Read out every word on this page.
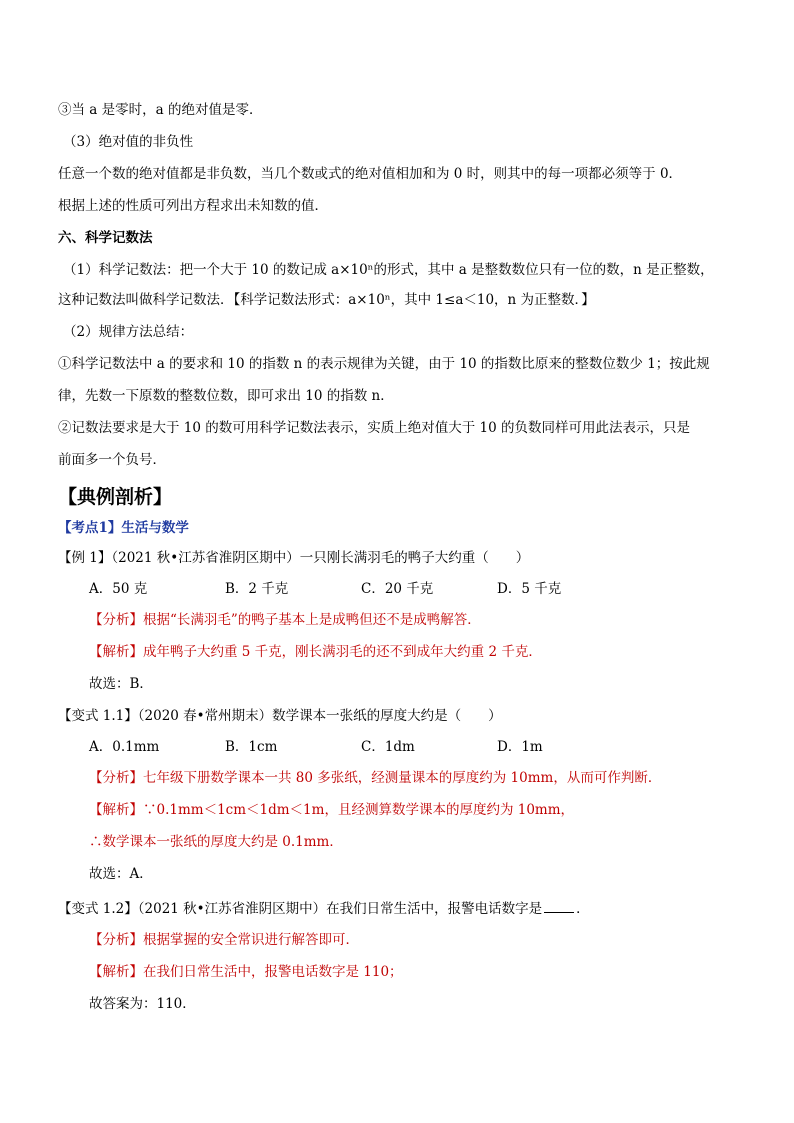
③当 a 是零时，a 的绝对值是零．
（3）绝对值的非负性
任意一个数的绝对值都是非负数，当几个数或式的绝对值相加和为 0 时，则其中的每一项都必须等于 0．
根据上述的性质可列出方程求出未知数的值．
六、科学记数法
（1）科学记数法：把一个大于 10 的数记成 a×10ⁿ的形式，其中 a 是整数数位只有一位的数，n 是正整数，
这种记数法叫做科学记数法．【科学记数法形式：a×10ⁿ，其中 1≤a＜10，n 为正整数．】
（2）规律方法总结：
①科学记数法中 a 的要求和 10 的指数 n 的表示规律为关键，由于 10 的指数比原来的整数位数少 1；按此规
律，先数一下原数的整数位数，即可求出 10 的指数 n．
②记数法要求是大于 10 的数可用科学记数法表示，实质上绝对值大于 10 的负数同样可用此法表示，只是
前面多一个负号．
【典例剖析】
【考点1】生活与数学
【例 1】（2021 秋•江苏省淮阴区期中）一只刚长满羽毛的鸭子大约重（　　）
A．50 克	B．2 千克	C．20 千克	D．5 千克
【分析】根据“长满羽毛”的鸭子基本上是成鸭但还不是成鸭解答．
【解析】成年鸭子大约重 5 千克，刚长满羽毛的还不到成年大约重 2 千克．
故选：B．
【变式 1.1】（2020 春•常州期末）数学课本一张纸的厚度大约是（　　）
A．0.1mm	B．1cm	C．1dm	D．1m
【分析】七年级下册数学课本一共 80 多张纸，经测量课本的厚度约为 10mm，从而可作判断．
【解析】∵0.1mm＜1cm＜1dm＜1m，且经测算数学课本的厚度约为 10mm，
∴数学课本一张纸的厚度大约是 0.1mm．
故选：A．
【变式 1.2】（2021 秋•江苏省淮阴区期中）在我们日常生活中，报警电话数字是	．
【分析】根据掌握的安全常识进行解答即可．
【解析】在我们日常生活中，报警电话数字是 110；
故答案为：110．
